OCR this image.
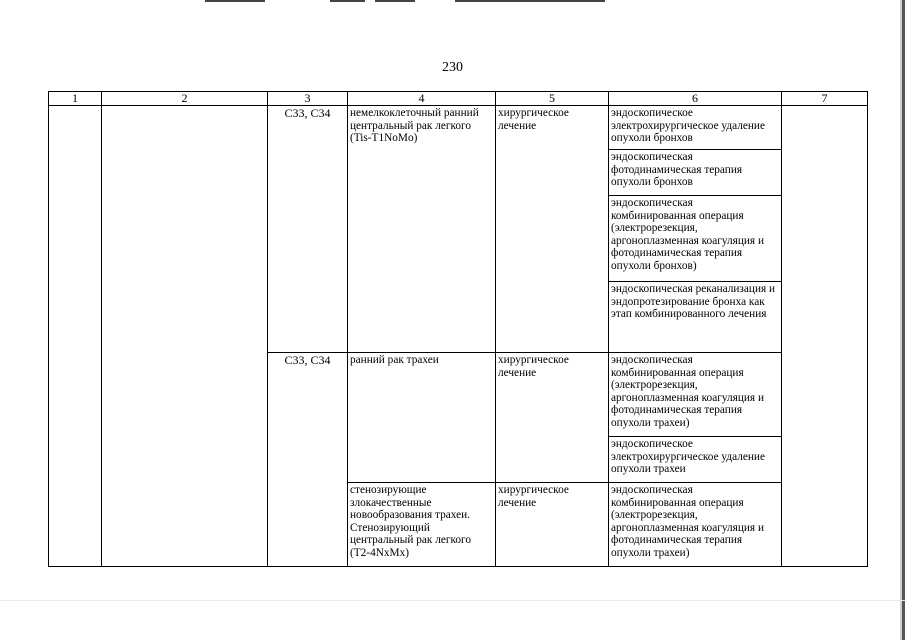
230
1	2	3	4	5	6	7
		C33, C34	немелкоклеточный ранний центральный рак легкого (Tis-T1NoMo)	хирургическое лечение	эндоскопическое электрохирургическое удаление опухоли бронхов	
					эндоскопическая фотодинамическая терапия опухоли бронхов	
					эндоскопическая комбинированная операция (электрорезекция, аргоноплазменная коагуляция и фотодинамическая терапия опухоли бронхов)	
					эндоскопическая реканализация и эндопротезирование бронха как этап комбинированного лечения	
		C33, C34	ранний рак трахеи	хирургическое лечение	эндоскопическая комбинированная операция (электрорезекция, аргоноплазменная коагуляция и фотодинамическая терапия опухоли трахеи)	
					эндоскопическое электрохирургическое удаление опухоли трахеи	
			стенозирующие злокачественные новообразования трахеи. Стенозирующий центральный рак легкого (T2-4NxMx)	хирургическое лечение	эндоскопическая комбинированная операция (электрорезекция, аргоноплазменная коагуляция и фотодинамическая терапия опухоли трахеи)	
